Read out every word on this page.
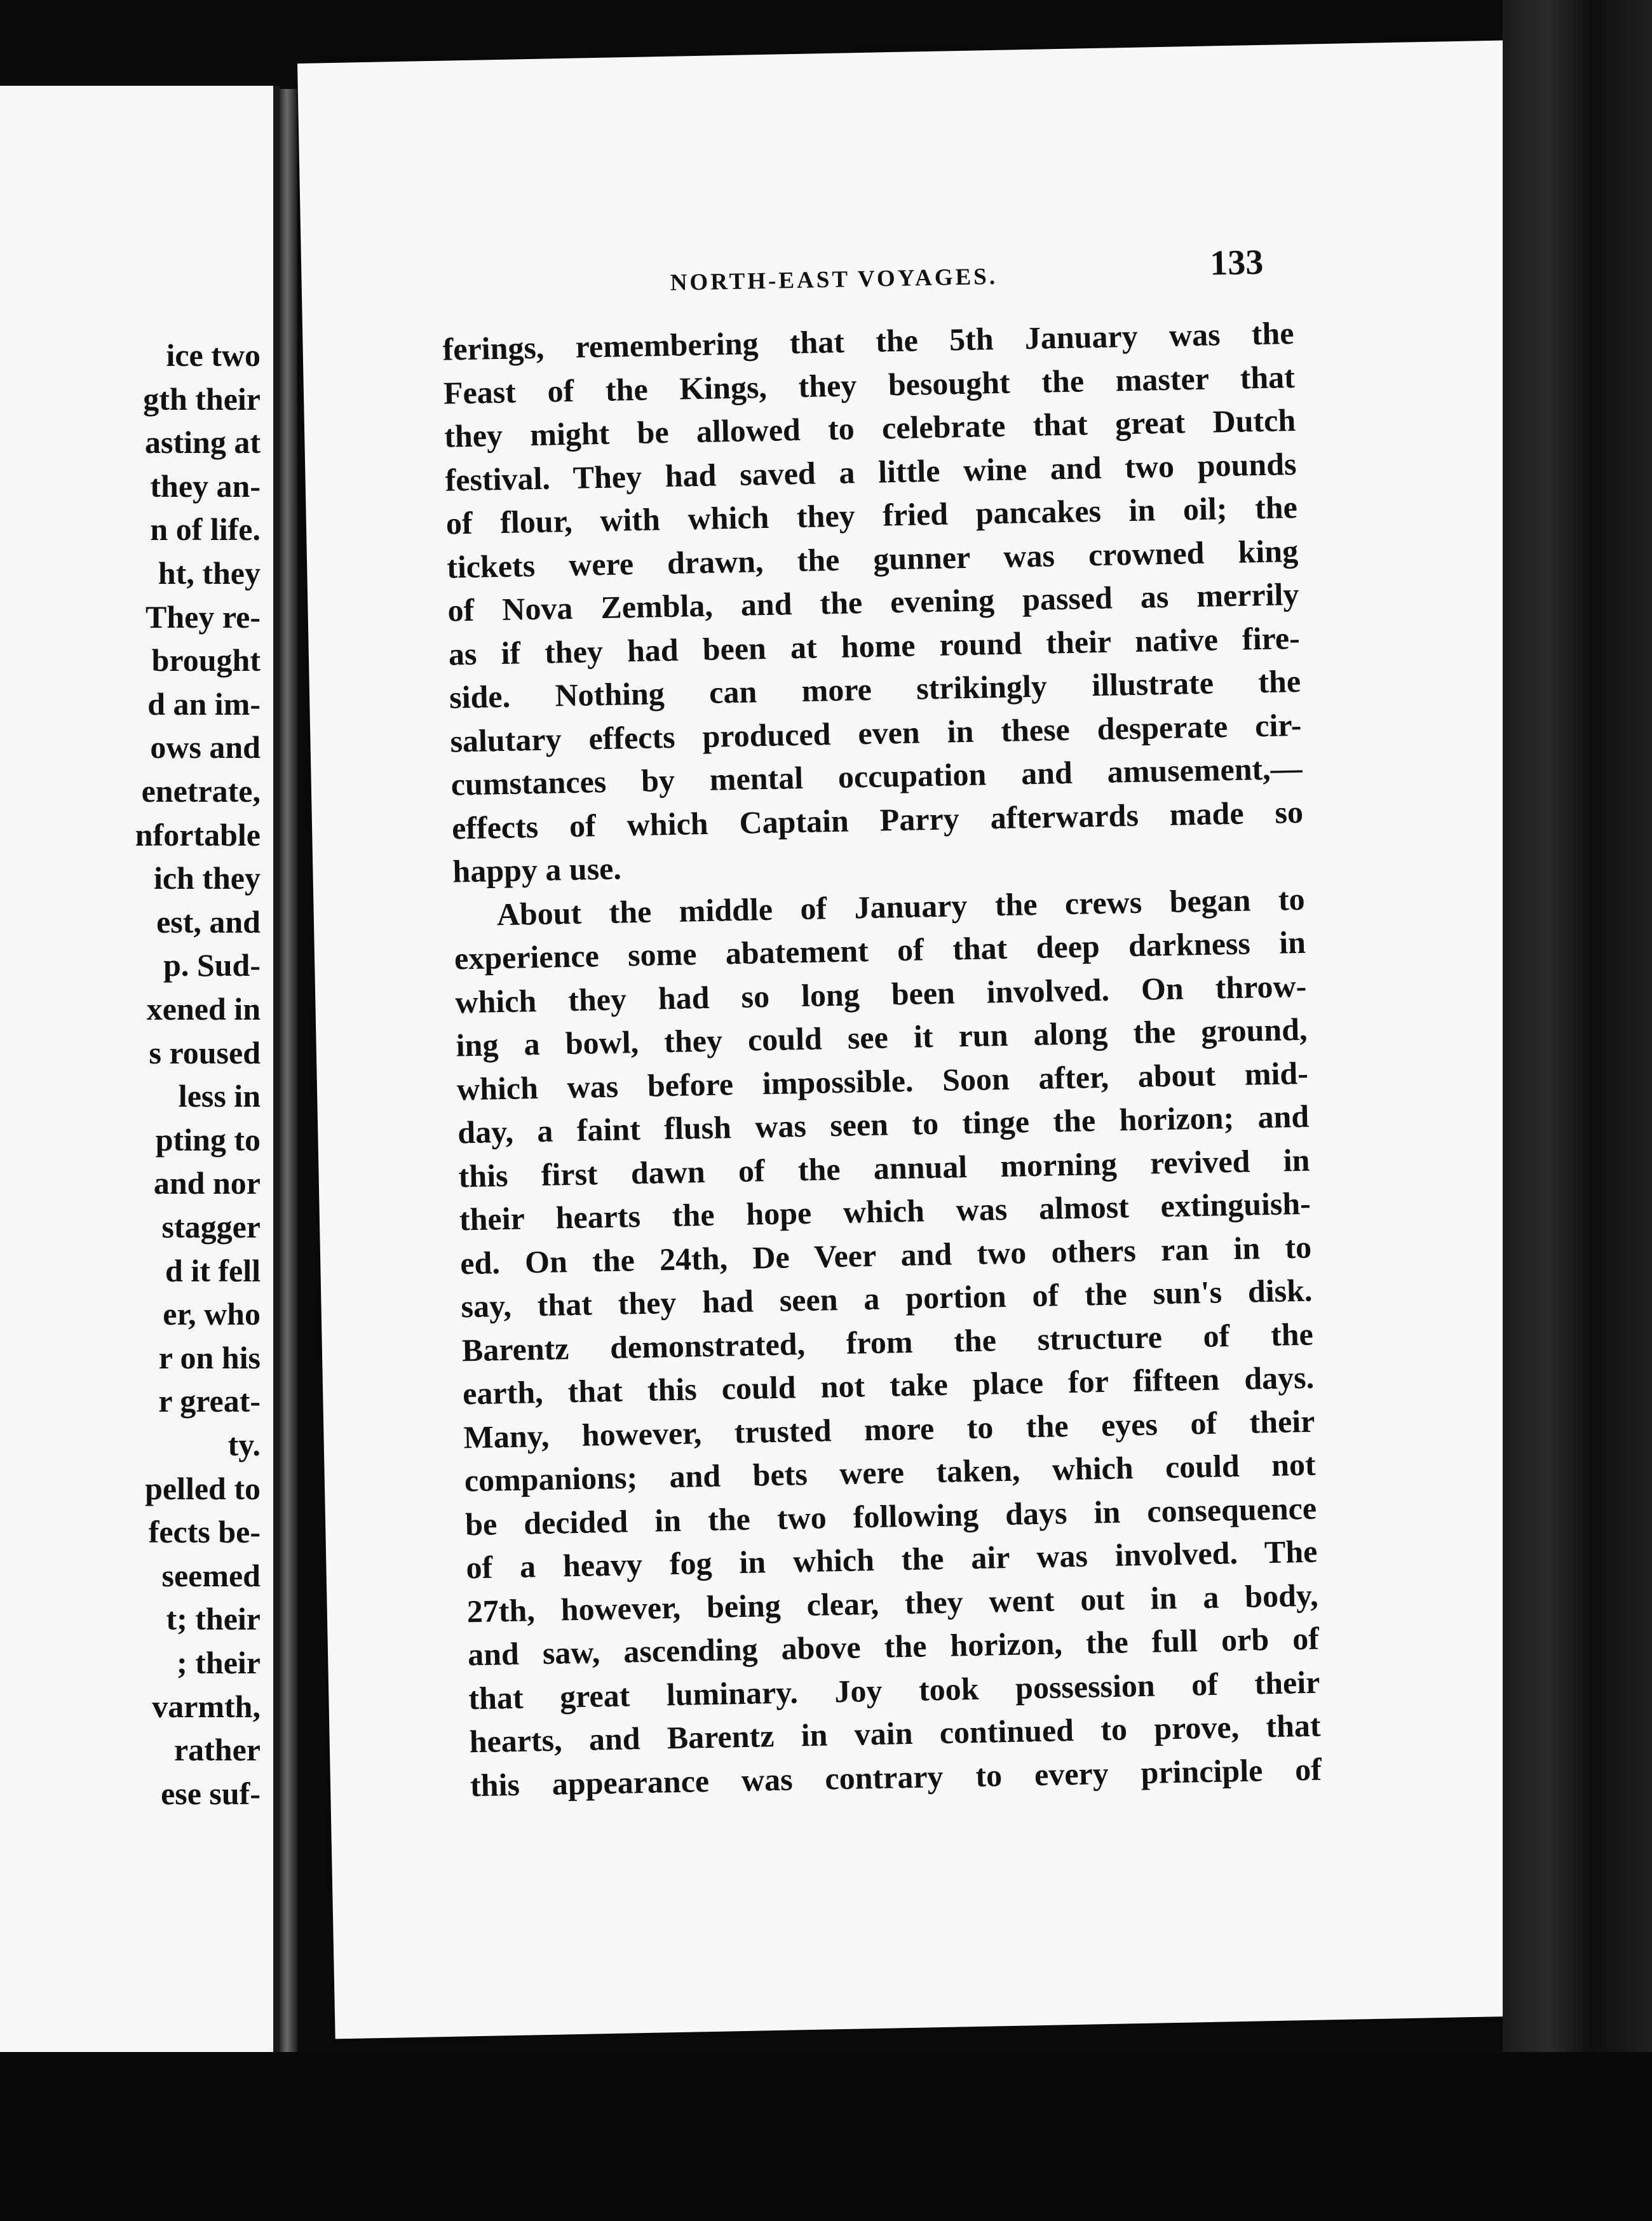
ice two
gth their
asting at
they an-
n of life.
ht, they
They re-
brought
d an im-
ows and
enetrate,
nfortable
ich they
est, and
p. Sud-
xened in
s roused
less in
pting to
and nor
stagger
d it fell
er, who
r on his
r great-
ty.
pelled to
fects be-
seemed
t; their
; their
varmth,
rather
ese suf-
NORTH-EAST VOYAGES.	133
ferings, remembering that the 5th January was the
Feast of the Kings, they besought the master that
they might be allowed to celebrate that great Dutch
festival. They had saved a little wine and two pounds
of flour, with which they fried pancakes in oil; the
tickets were drawn, the gunner was crowned king
of Nova Zembla, and the evening passed as merrily
as if they had been at home round their native fire-
side. Nothing can more strikingly illustrate the
salutary effects produced even in these desperate cir-
cumstances by mental occupation and amusement,—
effects of which Captain Parry afterwards made so
happy a use.
About the middle of January the crews began to
experience some abatement of that deep darkness in
which they had so long been involved. On throw-
ing a bowl, they could see it run along the ground,
which was before impossible. Soon after, about mid-
day, a faint flush was seen to tinge the horizon; and
this first dawn of the annual morning revived in
their hearts the hope which was almost extinguish-
ed. On the 24th, De Veer and two others ran in to
say, that they had seen a portion of the sun's disk.
Barentz demonstrated, from the structure of the
earth, that this could not take place for fifteen days.
Many, however, trusted more to the eyes of their
companions; and bets were taken, which could not
be decided in the two following days in consequence
of a heavy fog in which the air was involved. The
27th, however, being clear, they went out in a body,
and saw, ascending above the horizon, the full orb of
that great luminary. Joy took possession of their
hearts, and Barentz in vain continued to prove, that
this appearance was contrary to every principle of
